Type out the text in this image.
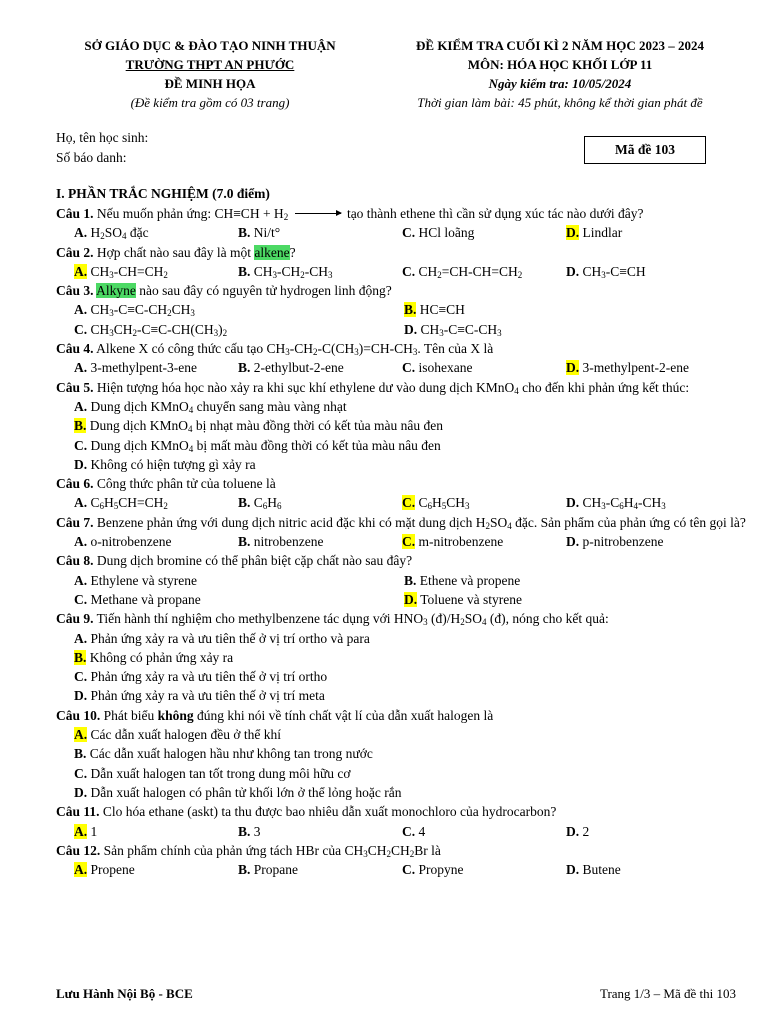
SỞ GIÁO DỤC & ĐÀO TẠO NINH THUẬN
TRƯỜNG THPT AN PHƯỚC
ĐỀ MINH HỌA
(Đề kiểm tra gồm có 03 trang)
ĐỀ KIỂM TRA CUỐI KÌ 2 NĂM HỌC 2023 – 2024
MÔN: HÓA HỌC KHỐI LỚP 11
Ngày kiểm tra: 10/05/2024
Thời gian làm bài: 45 phút, không kể thời gian phát đề
Họ, tên học sinh:
Số báo danh:
Mã đề 103
I. PHẦN TRẮC NGHIỆM (7.0 điểm)
Câu 1. Nếu muốn phản ứng: $CH\equiv CH + H_2$	tạo thành ethene thì cần sử dụng xúc tác nào dưới đây?
A. $H_2SO_4$ đặc	B. Ni/t°	C. HCl loãng	D. Lindlar
Câu 2. Hợp chất nào sau đây là một alkene?
A. $CH_3-CH=CH_2$	B. $CH_3-CH_2-CH_3$	C. $CH_2=CH-CH=CH_2$	D. $CH_3-C\equiv CH$
Câu 3. Alkyne nào sau đây có nguyên tử hydrogen linh động?
A. $CH_3-C\equiv C-CH_2CH_3$	B. HC≡CH
C. $CH_3CH_2-C\equiv C-CH(CH_3)_2$	D. $CH_3-C\equiv C-CH_3$
Câu 4. Alkene X có công thức cấu tạo $CH_3-CH_2-C(CH_3)=CH-CH_3$. Tên của X là
A. 3-methylpent-3-ene	B. 2-ethylbut-2-ene	C. isohexane	D. 3-methylpent-2-ene
Câu 5. Hiện tượng hóa học nào xảy ra khi sục khí ethylene dư vào dung dịch KMnO$_4$ cho đến khi phản ứng kết thúc:
A. Dung dịch KMnO$_4$ chuyển sang màu vàng nhạt
B. Dung dịch KMnO$_4$ bị nhạt màu đồng thời có kết tủa màu nâu đen
C. Dung dịch KMnO$_4$ bị mất màu đồng thời có kết tủa màu nâu đen
D. Không có hiện tượng gì xảy ra
Câu 6. Công thức phân tử của toluene là
A. $C_6H_5CH=CH_2$	B. $C_6H_6$	C. $C_6H_5CH_3$	D. $CH_3-C_6H_4-CH_3$
Câu 7. Benzene phản ứng với dung dịch nitric acid đặc khi có mặt dung dịch $H_2SO_4$ đặc. Sản phẩm của phản ứng có tên gọi là?
A. o-nitrobenzene	B. nitrobenzene	C. m-nitrobenzene	D. p-nitrobenzene
Câu 8. Dung dịch bromine có thể phân biệt cặp chất nào sau đây?
A. Ethylene và styrene	B. Ethene và propene
C. Methane và propane	D. Toluene và styrene
Câu 9. Tiến hành thí nghiệm cho methylbenzene tác dụng với $HNO_3$ $(đ)/H_2SO_4$ (đ), nóng cho kết quả:
A. Phản ứng xảy ra và ưu tiên thế ở vị trí ortho và para
B. Không có phản ứng xảy ra
C. Phản ứng xảy ra và ưu tiên thế ở vị trí ortho
D. Phản ứng xảy ra và ưu tiên thế ở vị trí meta
Câu 10. Phát biểu không đúng khi nói về tính chất vật lí của dẫn xuất halogen là
A. Các dẫn xuất halogen đều ở thể khí
B. Các dẫn xuất halogen hầu như không tan trong nước
C. Dẫn xuất halogen tan tốt trong dung môi hữu cơ
D. Dẫn xuất halogen có phân tử khối lớn ở thể lỏng hoặc rắn
Câu 11. Clo hóa ethane (askt) ta thu được bao nhiêu dẫn xuất monochloro của hydrocarbon?
A. 1	B. 3	C. 4	D. 2
Câu 12. Sản phẩm chính của phản ứng tách HBr của $CH_3CH_2CH_2Br$ là
A. Propene	B. Propane	C. Propyne	D. Butene
Lưu Hành Nội Bộ - BCE	Trang 1/3 – Mã đề thi 103
